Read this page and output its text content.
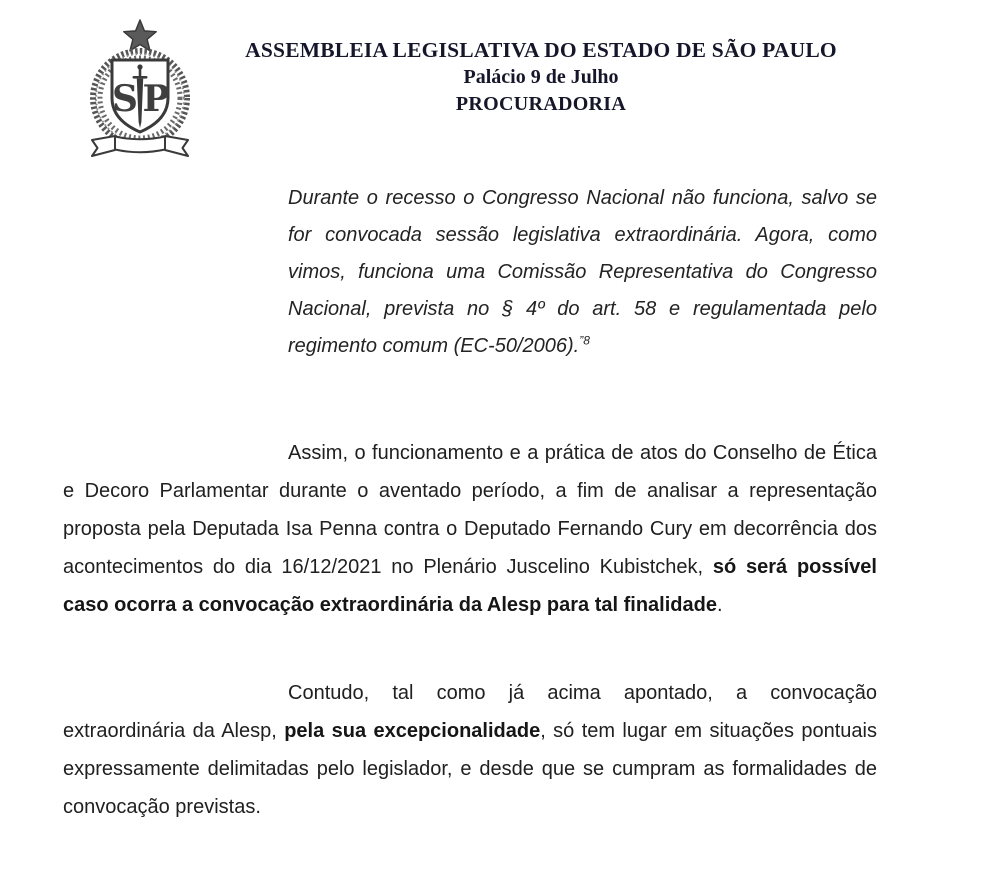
S P
ASSEMBLEIA LEGISLATIVA DO ESTADO DE SÃO PAULO
Palácio 9 de Julho
PROCURADORIA
Durante o recesso o Congresso Nacional não funciona, salvo se for convocada sessão legislativa extraordinária. Agora, como vimos, funciona uma Comissão Representativa do Congresso Nacional, prevista no § 4º do art. 58 e regulamentada pelo regimento comum (EC-50/2006).$^{”8}$

Assim, o funcionamento e a prática de atos do Conselho de Ética e Decoro Parlamentar durante o aventado período, a fim de analisar a representação proposta pela Deputada Isa Penna contra o Deputado Fernando Cury em decorrência dos acontecimentos do dia 16/12/2021 no Plenário Juscelino Kubistchek, só será possível caso ocorra a convocação extraordinária da Alesp para tal finalidade.

Contudo, tal como já acima apontado, a convocação extraordinária da Alesp, pela sua excepcionalidade, só tem lugar em situações pontuais expressamente delimitadas pelo legislador, e desde que se cumpram as formalidades de convocação previstas.
